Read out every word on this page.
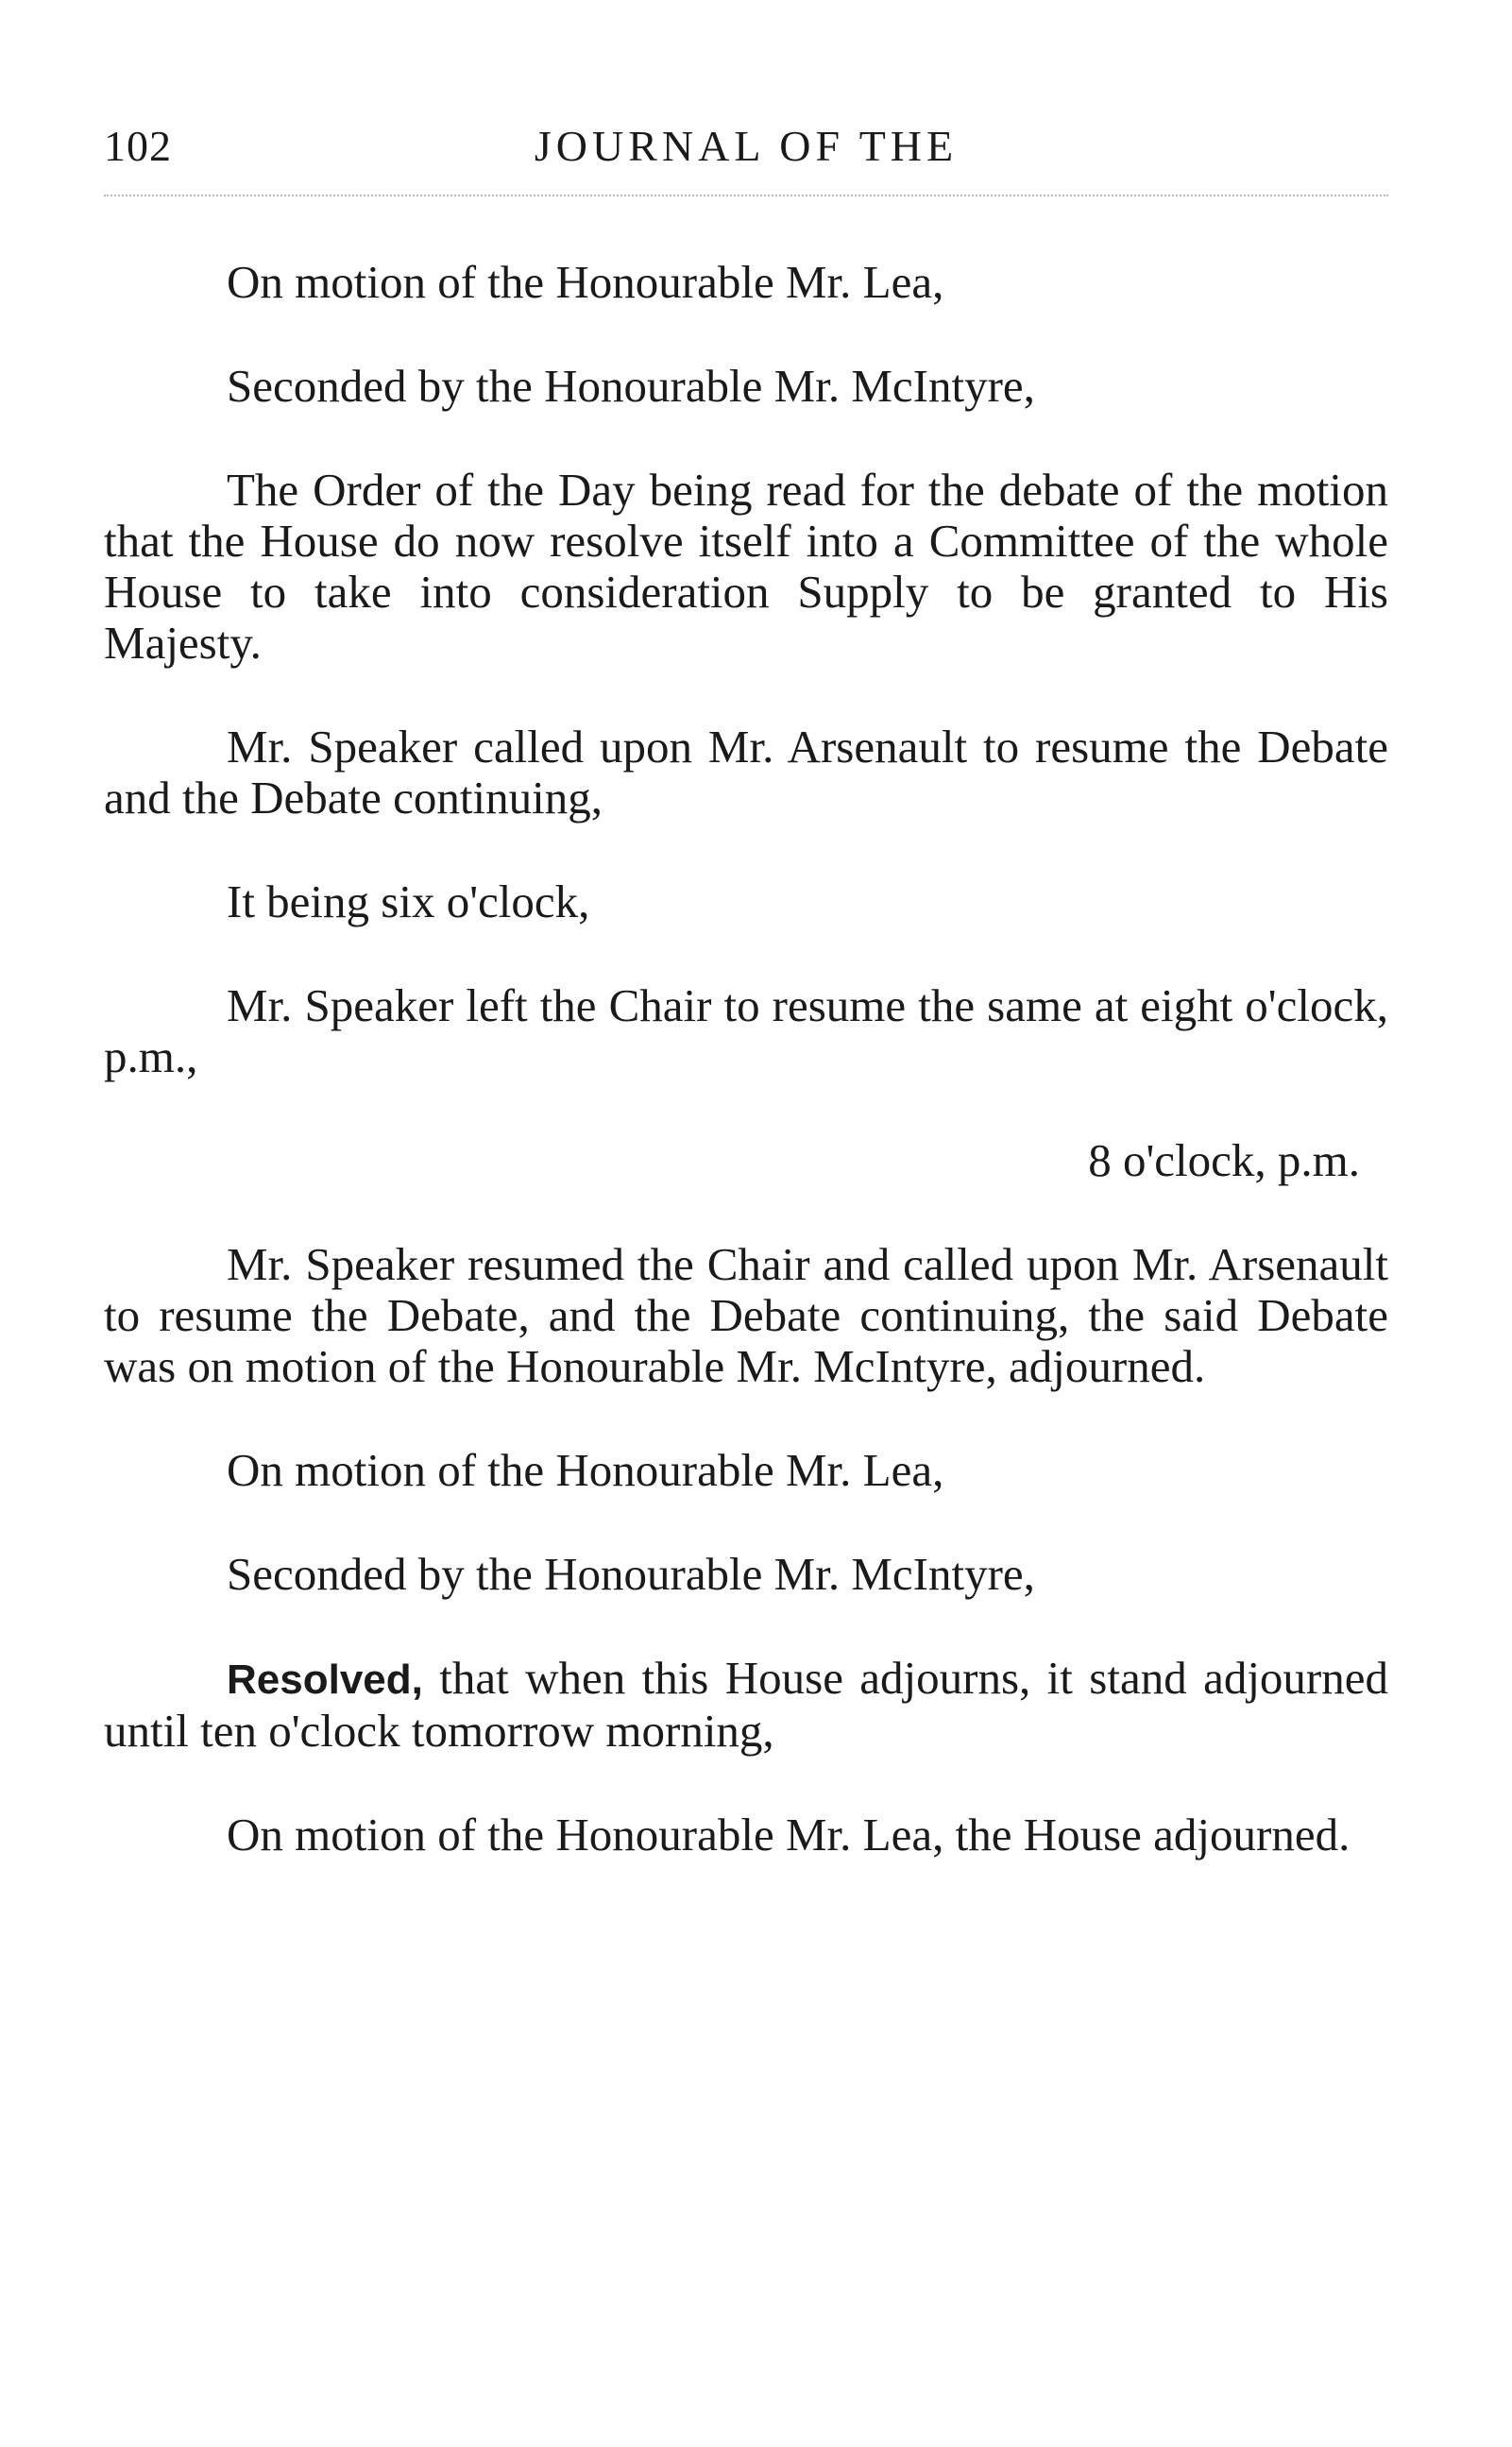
102	JOURNAL OF THE

On motion of the Honourable Mr. Lea,

Seconded by the Honourable Mr. McIntyre,

The Order of the Day being read for the debate of the motion that the House do now resolve itself into a Committee of the whole House to take into consideration Supply to be granted to His Majesty.

Mr. Speaker called upon Mr. Arsenault to resume the Debate and the Debate continuing,

It being six o'clock,

Mr. Speaker left the Chair to resume the same at eight o'clock, p.m.,

8 o'clock, p.m.

Mr. Speaker resumed the Chair and called upon Mr. Arsenault to resume the Debate, and the Debate continuing, the said Debate was on motion of the Honourable Mr. McIntyre, adjourned.

On motion of the Honourable Mr. Lea,

Seconded by the Honourable Mr. McIntyre,

Resolved, that when this House adjourns, it stand adjourned until ten o'clock tomorrow morning,

On motion of the Honourable Mr. Lea, the House adjourned.
